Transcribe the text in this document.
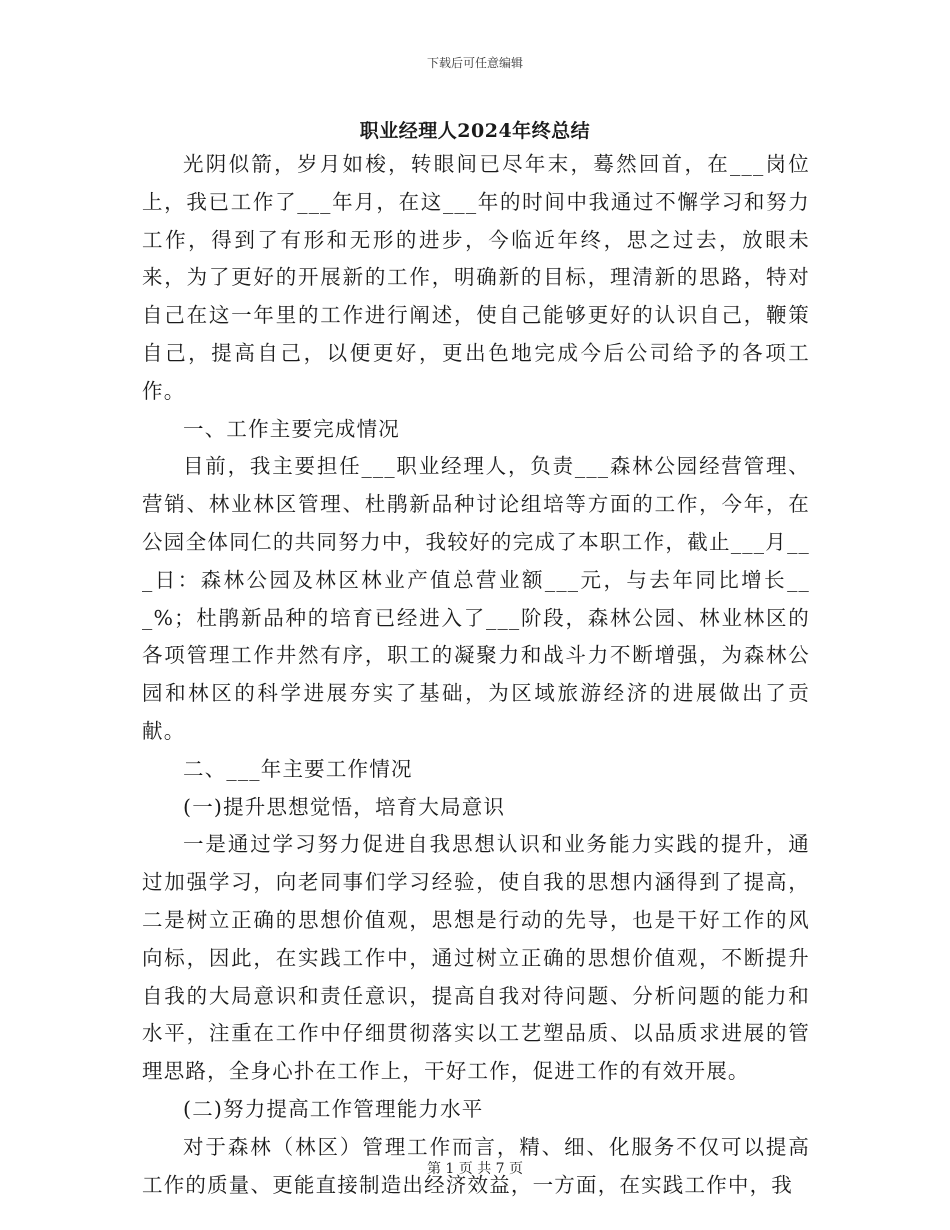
下载后可任意编辑
职业经理人2024年终总结

光阴似箭，岁月如梭，转眼间已尽年末，蓦然回首，在___岗位上，我已工作了___年月，在这___年的时间中我通过不懈学习和努力工作，得到了有形和无形的进步，今临近年终，思之过去，放眼未来，为了更好的开展新的工作，明确新的目标，理清新的思路，特对自己在这一年里的工作进行阐述，使自己能够更好的认识自己，鞭策自己，提高自己，以便更好，更出色地完成今后公司给予的各项工作。

一、工作主要完成情况

目前，我主要担任___职业经理人，负责___森林公园经营管理、营销、林业林区管理、杜鹃新品种讨论组培等方面的工作，今年，在公园全体同仁的共同努力中，我较好的完成了本职工作，截止___月___日：森林公园及林区林业产值总营业额___元，与去年同比增长___%；杜鹃新品种的培育已经进入了___阶段，森林公园、林业林区的各项管理工作井然有序，职工的凝聚力和战斗力不断增强，为森林公园和林区的科学进展夯实了基础，为区域旅游经济的进展做出了贡献。

二、___年主要工作情况

(一)提升思想觉悟，培育大局意识

一是通过学习努力促进自我思想认识和业务能力实践的提升，通过加强学习，向老同事们学习经验，使自我的思想内涵得到了提高，二是树立正确的思想价值观，思想是行动的先导，也是干好工作的风向标，因此，在实践工作中，通过树立正确的思想价值观，不断提升自我的大局意识和责任意识，提高自我对待问题、分析问题的能力和水平，注重在工作中仔细贯彻落实以工艺塑品质、以品质求进展的管理思路，全身心扑在工作上，干好工作，促进工作的有效开展。

(二)努力提高工作管理能力水平

对于森林（林区）管理工作而言，精、细、化服务不仅可以提高工作的质量、更能直接制造出经济效益，一方面，在实践工作中，我

第 1 页 共 7 页
